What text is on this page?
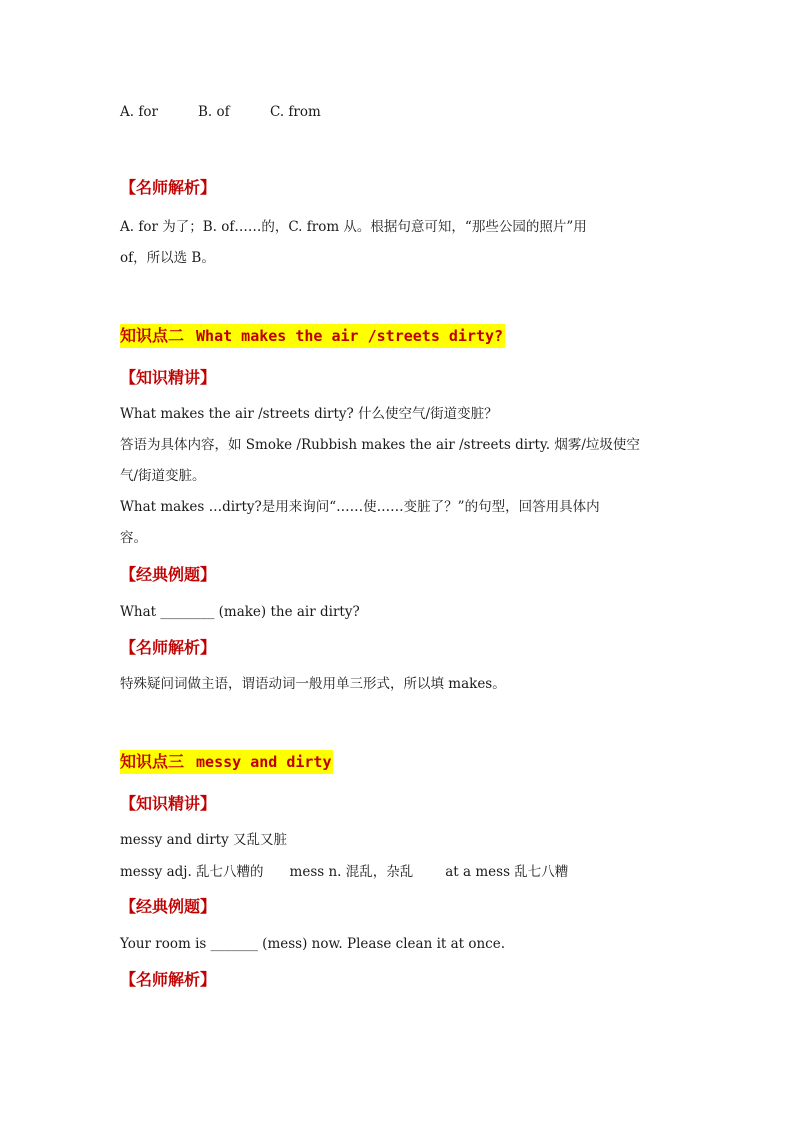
A. for	B. of	C. from
【名师解析】
A. for 为了；B. of……的，C. from 从。根据句意可知，“那些公园的照片”用
of，所以选 B。
知识点二 What makes the air /streets dirty?
【知识精讲】
What makes the air /streets dirty? 什么使空气/街道变脏？
答语为具体内容，如 Smoke /Rubbish makes the air /streets dirty. 烟雾/垃圾使空
气/街道变脏。
What makes …dirty?是用来询问“……使……变脏了？”的句型，回答用具体内
容。
【经典例题】
What ________ (make) the air dirty?
【名师解析】
特殊疑问词做主语，谓语动词一般用单三形式，所以填 makes。
知识点三 messy and dirty
【知识精讲】
messy and dirty 又乱又脏
messy adj. 乱七八糟的 mess n. 混乱，杂乱 at a mess 乱七八糟
【经典例题】
Your room is _______ (mess) now. Please clean it at once.
【名师解析】
